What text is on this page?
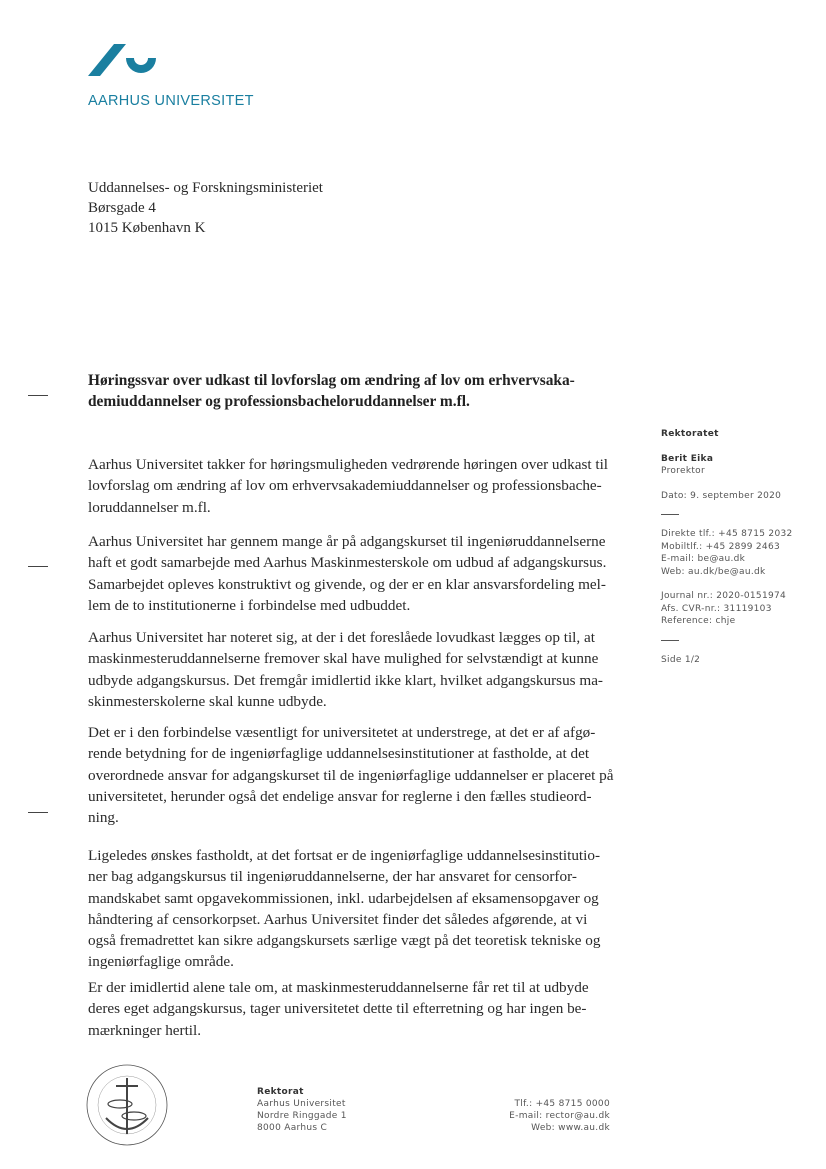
AARHUS UNIVERSITET
Uddannelses- og Forskningsministeriet
Børsgade 4
1015 København K
Høringssvar over udkast til lovforslag om ændring af lov om erhvervsaka-
demiuddannelser og professionsbacheloruddannelser m.fl.
Aarhus Universitet takker for høringsmuligheden vedrørende høringen over udkast til
lovforslag om ændring af lov om erhvervsakademiuddannelser og professionsbache-
loruddannelser m.fl.
Aarhus Universitet har gennem mange år på adgangskurset til ingeniøruddannelserne
haft et godt samarbejde med Aarhus Maskinmesterskole om udbud af adgangskursus.
Samarbejdet opleves konstruktivt og givende, og der er en klar ansvarsfordeling mel-
lem de to institutionerne i forbindelse med udbuddet.
Aarhus Universitet har noteret sig, at der i det foreslåede lovudkast lægges op til, at
maskinmesteruddannelserne fremover skal have mulighed for selvstændigt at kunne
udbyde adgangskursus. Det fremgår imidlertid ikke klart, hvilket adgangskursus ma-
skinmesterskolerne skal kunne udbyde.
Det er i den forbindelse væsentligt for universitetet at understrege, at det er af afgø-
rende betydning for de ingeniørfaglige uddannelsesinstitutioner at fastholde, at det
overordnede ansvar for adgangskurset til de ingeniørfaglige uddannelser er placeret på
universitetet, herunder også det endelige ansvar for reglerne i den fælles studieord-
ning.
Ligeledes ønskes fastholdt, at det fortsat er de ingeniørfaglige uddannelsesinstitutio-
ner bag adgangskursus til ingeniøruddannelserne, der har ansvaret for censorfor-
mandskabet samt opgavekommissionen, inkl. udarbejdelsen af eksamensopgaver og
håndtering af censorkorpset. Aarhus Universitet finder det således afgørende, at vi
også fremadrettet kan sikre adgangskursets særlige vægt på det teoretisk tekniske og
ingeniørfaglige område.
Er der imidlertid alene tale om, at maskinmesteruddannelserne får ret til at udbyde
deres eget adgangskursus, tager universitetet dette til efterretning og har ingen be-
mærkninger hertil.
Rektoratet
Berit Eika
Prorektor
Dato: 9. september 2020
Direkte tlf.: +45 8715 2032
Mobiltlf.: +45 2899 2463
E-mail: be@au.dk
Web: au.dk/be@au.dk
Journal nr.: 2020-0151974
Afs. CVR-nr.: 31119103
Reference: chje
Side 1/2
Rektorat
Aarhus Universitet
Nordre Ringgade 1
8000 Aarhus C
Tlf.: +45 8715 0000
E-mail: rector@au.dk
Web: www.au.dk
